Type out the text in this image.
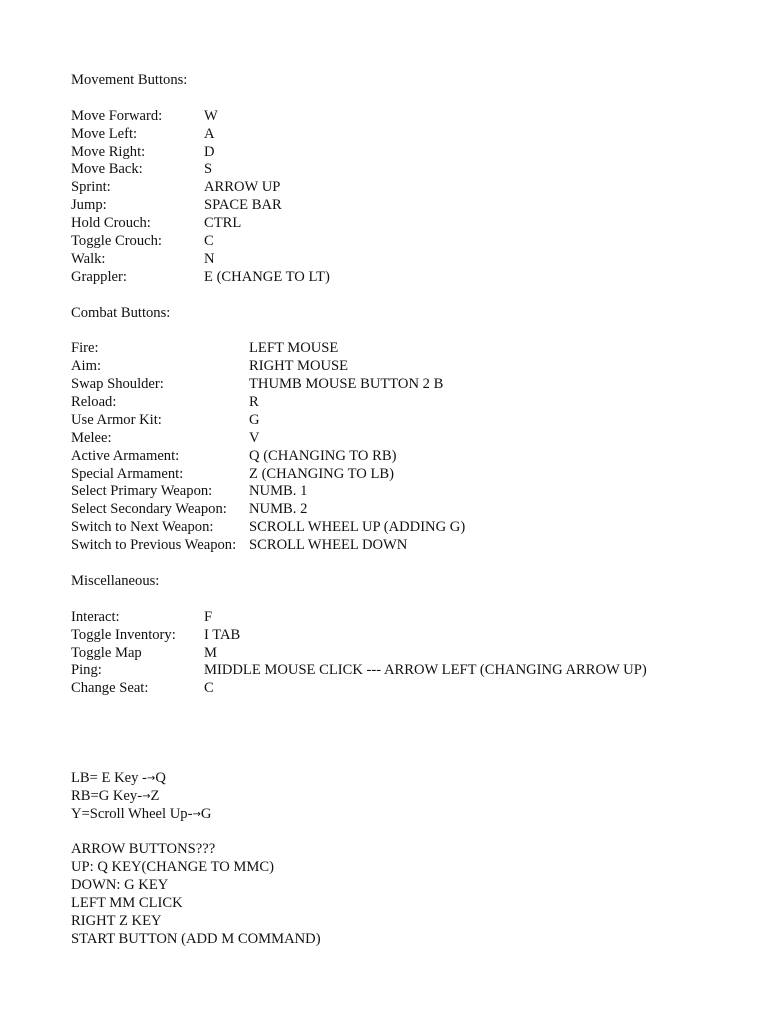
Movement Buttons:
Move Forward:	W
Move Left:	A
Move Right:	D
Move Back:	S
Sprint:	ARROW UP
Jump:	SPACE BAR
Hold Crouch:	CTRL
Toggle Crouch:	C
Walk:	N
Grappler:	E (CHANGE TO LT)
Combat Buttons:
Fire:	LEFT MOUSE
Aim:	RIGHT MOUSE
Swap Shoulder:	THUMB MOUSE BUTTON 2 B
Reload:	R
Use Armor Kit:	G
Melee:	V
Active Armament:	Q (CHANGING TO RB)
Special Armament:	Z (CHANGING TO LB)
Select Primary Weapon:	NUMB. 1
Select Secondary Weapon:	NUMB. 2
Switch to Next Weapon:	SCROLL WHEEL UP (ADDING G)
Switch to Previous Weapon: SCROLL WHEEL DOWN
Miscellaneous:
Interact:	F
Toggle Inventory:	I TAB
Toggle Map	M
Ping:	MIDDLE MOUSE CLICK --- ARROW LEFT (CHANGING ARROW UP)
Change Seat:	C
LB= E Key -→Q
RB=G Key-→Z
Y=Scroll Wheel Up-→G
ARROW BUTTONS???
UP: Q KEY(CHANGE TO MMC)
DOWN: G KEY
LEFT MM CLICK
RIGHT Z KEY
START BUTTON (ADD M COMMAND)
